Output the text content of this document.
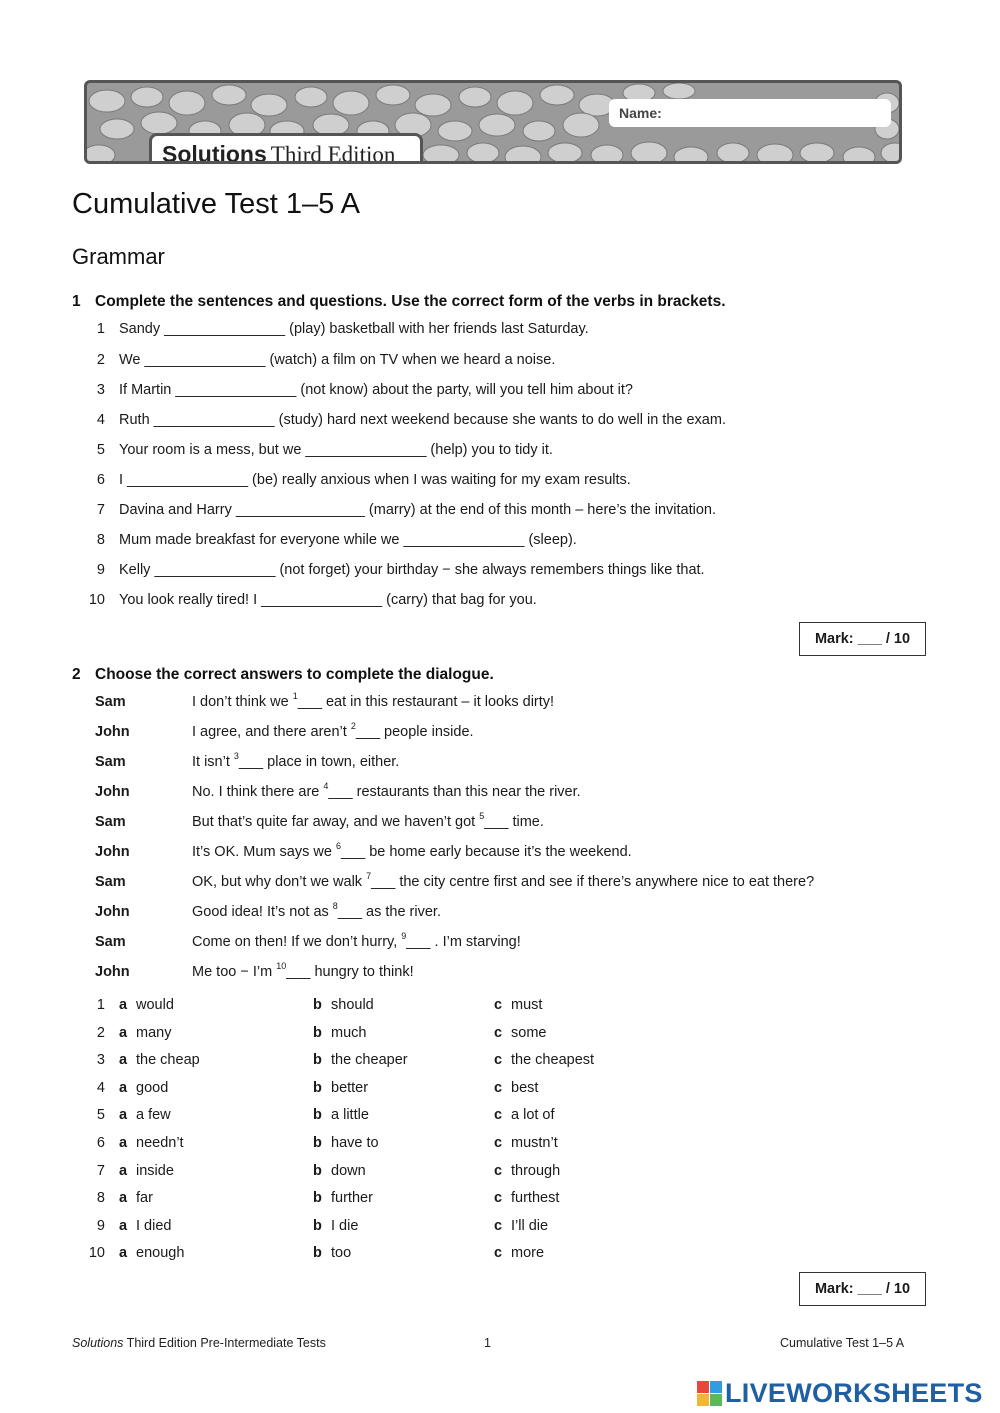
Name:
Solutions Third Edition
Cumulative Test 1–5 A
Grammar
1 Complete the sentences and questions. Use the correct form of the verbs in brackets.
1 Sandy _______________ (play) basketball with her friends last Saturday.
2 We _______________ (watch) a film on TV when we heard a noise.
3 If Martin _______________ (not know) about the party, will you tell him about it?
4 Ruth _______________ (study) hard next weekend because she wants to do well in the exam.
5 Your room is a mess, but we _______________ (help) you to tidy it.
6 I _______________ (be) really anxious when I was waiting for my exam results.
7 Davina and Harry ________________ (marry) at the end of this month – here’s the invitation.
8 Mum made breakfast for everyone while we _______________ (sleep).
9 Kelly _______________ (not forget) your birthday − she always remembers things like that.
10 You look really tired! I _______________ (carry) that bag for you.
Mark: ___ / 10
2 Choose the correct answers to complete the dialogue.
Sam	I don’t think we $^1$___ eat in this restaurant – it looks dirty!
John	I agree, and there aren’t $^2$___ people inside.
Sam	It isn’t $^3$___ place in town, either.
John	No. I think there are $^4$___ restaurants than this near the river.
Sam	But that’s quite far away, and we haven’t got $^5$___ time.
John	It’s OK. Mum says we $^6$___ be home early because it’s the weekend.
Sam	OK, but why don’t we walk $^7$___ the city centre first and see if there’s anywhere nice to eat there?
John	Good idea! It’s not as $^8$___ as the river.
Sam	Come on then! If we don’t hurry, $^9$___ . I’m starving!
John	Me too − I’m $^{10}$___ hungry to think!
1 a would	b should	c must
2 a many	b much	c some
3 a the cheap	b the cheaper	c the cheapest
4 a good	b better	c best
5 a a few	b a little	c a lot of
6 a needn’t	b have to	c mustn’t
7 a inside	b down	c through
8 a far	b further	c furthest
9 a I died	b I die	c I’ll die
10 a enough	b too	c more
Mark: ___ / 10
Solutions Third Edition Pre-Intermediate Tests	1	Cumulative Test 1–5 A
LIVEWORKSHEETS
